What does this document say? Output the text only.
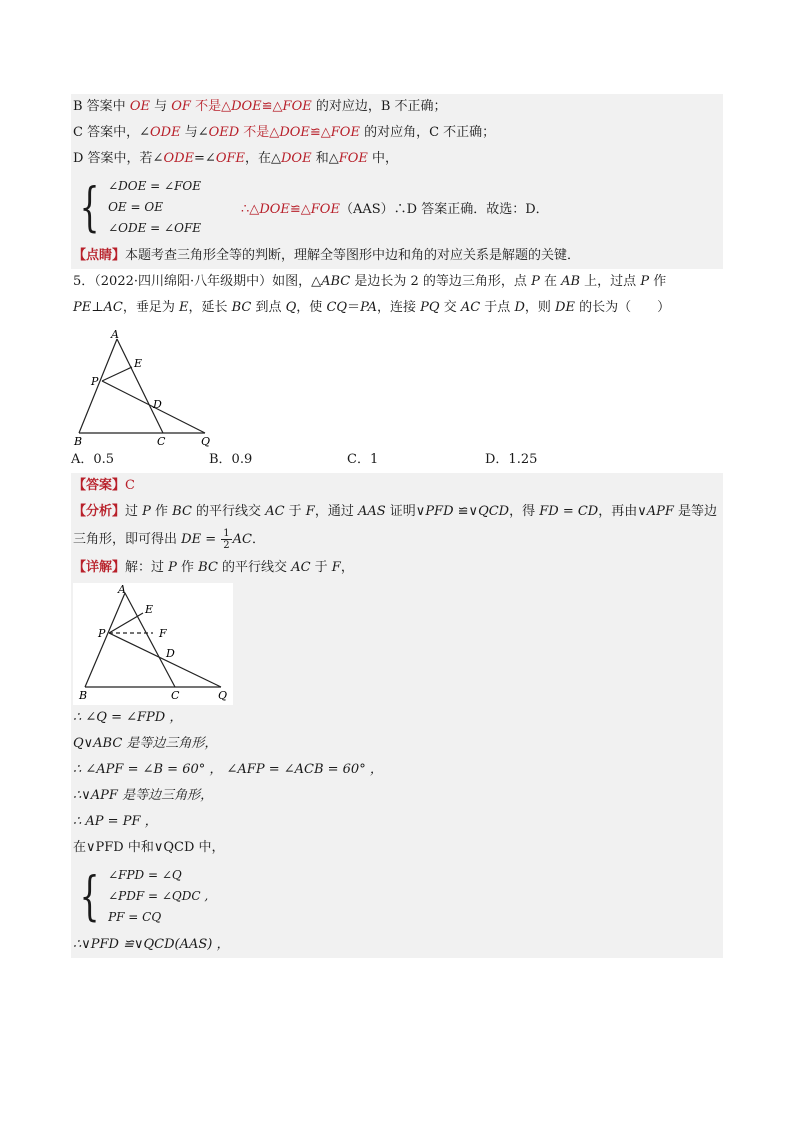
B 答案中 OE 与 OF 不是△DOE≌△FOE 的对应边，B 不正确；
C 答案中，∠ODE 与∠OED 不是△DOE≌△FOE 的对应角，C 不正确；
D 答案中，若∠ODE=∠OFE，在△DOE 和△FOE 中，
{ ∠DOE = ∠FOE
OE = OE
∠ODE = ∠OFE
∴△DOE≌△FOE（AAS）∴D 答案正确．故选：D．
【点睛】本题考查三角形全等的判断，理解全等图形中边和角的对应关系是解题的关键．
5．（2022·四川绵阳·八年级期中）如图，△ABC 是边长为 2 的等边三角形，点 P 在 AB 上，过点 P 作
PE⊥AC，垂足为 E，延长 BC 到点 Q，使 CQ＝PA，连接 PQ 交 AC 于点 D，则 DE 的长为（　　）
A
E
P
D
B	C	Q
A．0.5	B．0.9	C．1	D．1.25
【答案】C
【分析】过 P 作 BC 的平行线交 AC 于 F，通过 AAS 证明∨PFD ≌∨QCD，得 FD = CD，再由∨APF 是等边
三角形，即可得出 DE = $\frac{1}{2}$ AC．
【详解】解：过 P 作 BC 的平行线交 AC 于 F，
A
E
P	F
D
B	C	Q
∴ ∠Q = ∠FPD ，
Q∨ABC 是等边三角形，
∴ ∠APF = ∠B = 60° ， ∠AFP = ∠ACB = 60° ，
∴∨APF 是等边三角形，
∴ AP = PF ，
在∨PFD 中和∨QCD 中，
{ ∠FPD = ∠Q
∠PDF = ∠QDC ,
PF = CQ
∴∨PFD ≌∨QCD(AAS) ，
